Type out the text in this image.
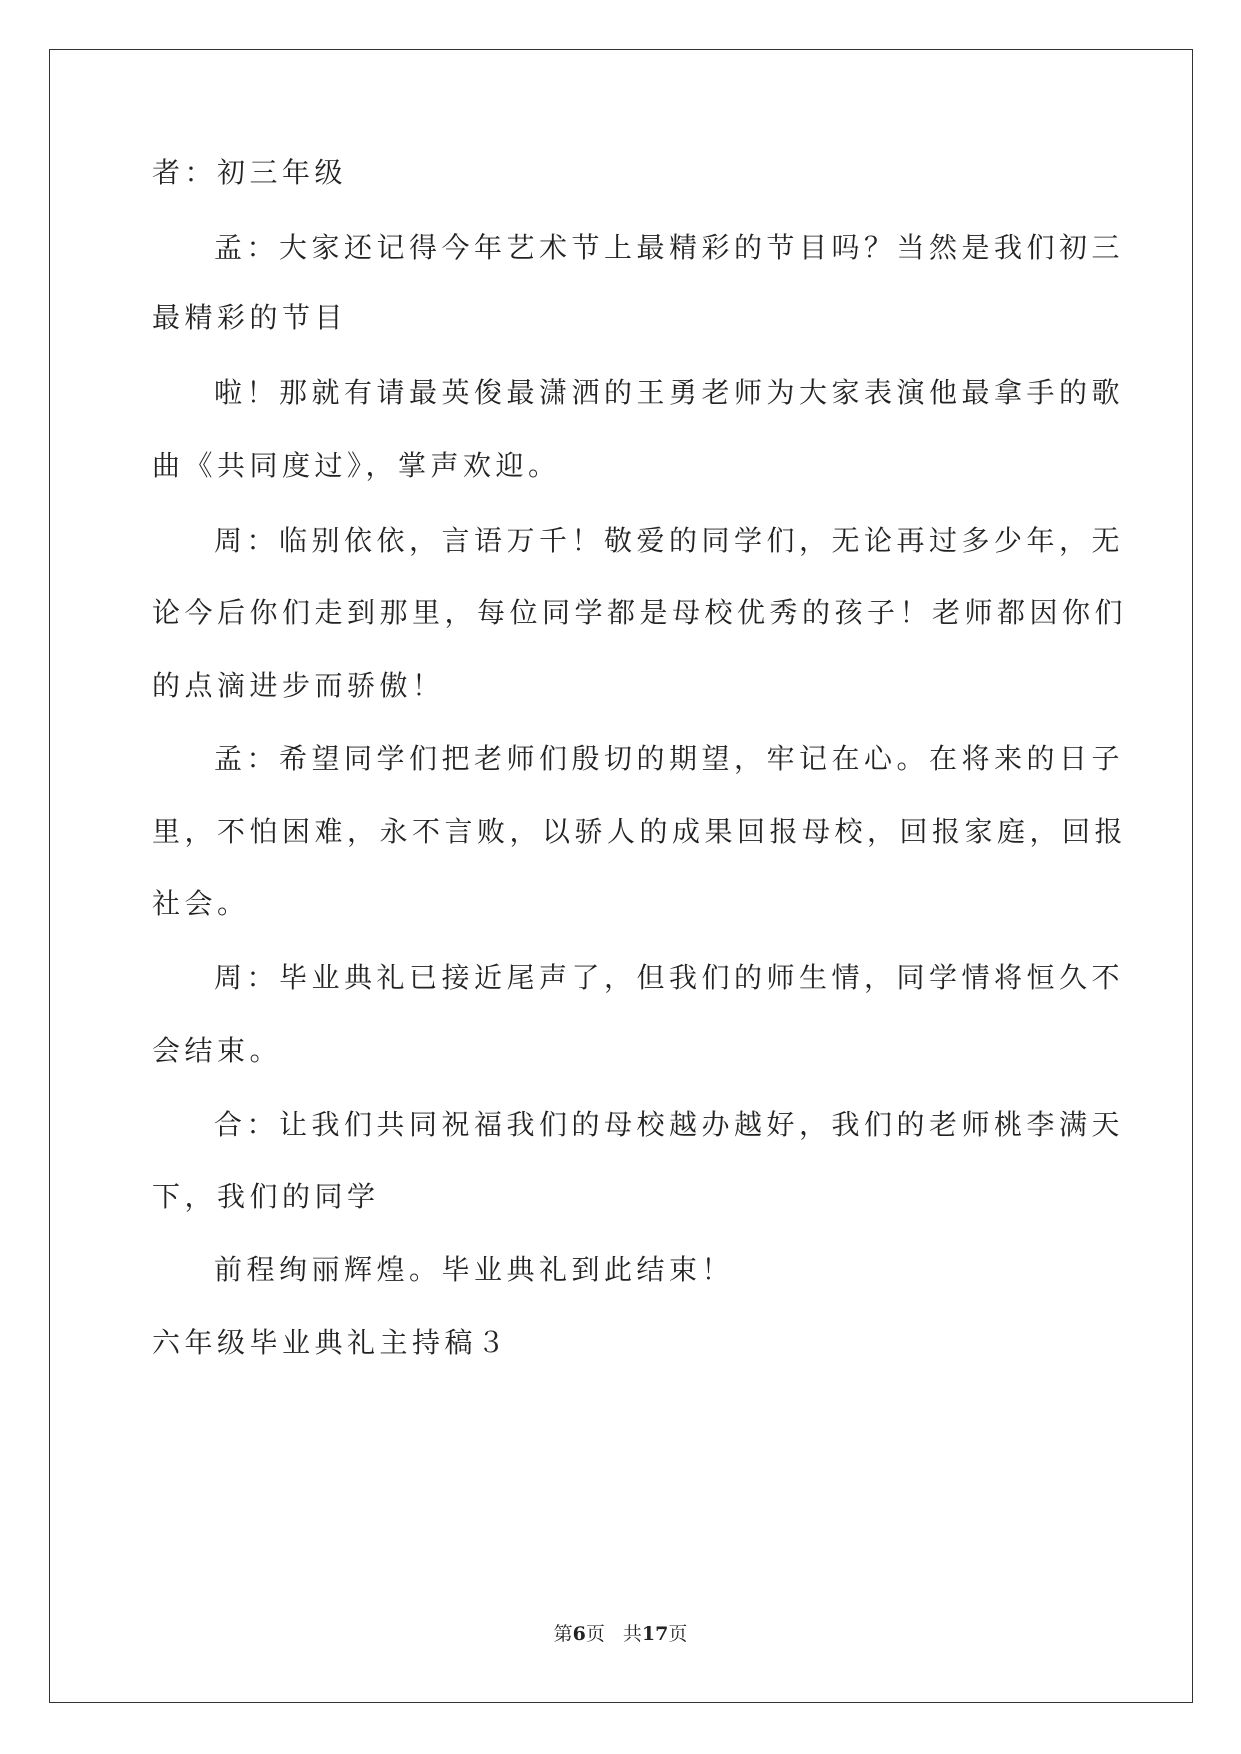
者：初三年级
孟：大家还记得今年艺术节上最精彩的节目吗？当然是我们初三
最精彩的节目
啦！那就有请最英俊最潇洒的王勇老师为大家表演他最拿手的歌
曲《共同度过》，掌声欢迎。
周：临别依依，言语万千！敬爱的同学们，无论再过多少年，无
论今后你们走到那里，每位同学都是母校优秀的孩子！老师都因你们
的点滴进步而骄傲！
孟：希望同学们把老师们殷切的期望，牢记在心。在将来的日子
里，不怕困难，永不言败，以骄人的成果回报母校，回报家庭，回报
社会。
周：毕业典礼已接近尾声了，但我们的师生情，同学情将恒久不
会结束。
合：让我们共同祝福我们的母校越办越好，我们的老师桃李满天
下，我们的同学
前程绚丽辉煌。毕业典礼到此结束！
六年级毕业典礼主持稿３
第6页 共17页
